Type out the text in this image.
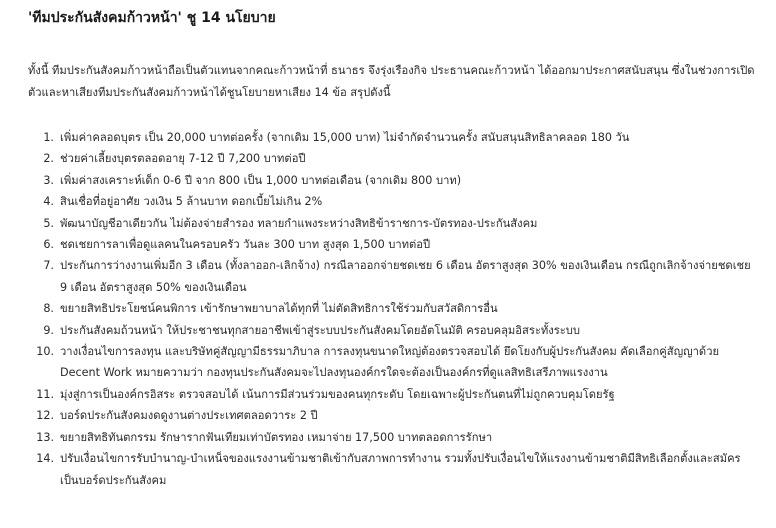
'ทีมประกันสังคมก้าวหน้า' ชู 14 นโยบาย

ทั้งนี้ ทีมประกันสังคมก้าวหน้าถือเป็นตัวแทนจากคณะก้าวหน้าที่ ธนาธร จึงรุ่งเรืองกิจ ประธานคณะก้าวหน้า ได้ออกมาประกาศสนับสนุน ซึ่งในช่วงการเปิดตัวและหาเสียงทีมประกันสังคมก้าวหน้าได้ชูนโยบายหาเสียง 14 ข้อ สรุปดังนี้

1. เพิ่มค่าคลอดบุตร เป็น 20,000 บาทต่อครั้ง (จากเดิม 15,000 บาท) ไม่จำกัดจำนวนครั้ง สนับสนุนสิทธิลาคลอด 180 วัน
2. ช่วยค่าเลี้ยงบุตรตลอดอายุ 7-12 ปี 7,200 บาทต่อปี
3. เพิ่มค่าสงเคราะห์เด็ก 0-6 ปี จาก 800 เป็น 1,000 บาทต่อเดือน (จากเดิม 800 บาท)
4. สินเชื่อที่อยู่อาศัย วงเงิน 5 ล้านบาท ดอกเบี้ยไม่เกิน 2%
5. พัฒนาบัญชีอาเดียวกัน ไม่ต้องจ่ายสำรอง ทลายกำแพงระหว่างสิทธิข้าราชการ-บัตรทอง-ประกันสังคม
6. ชดเชยการลาเพื่อดูแลคนในครอบครัว วันละ 300 บาท สูงสุด 1,500 บาทต่อปี
7. ประกันการว่างงานเพิ่มอีก 3 เดือน (ทั้งลาออก-เลิกจ้าง) กรณีลาออกจ่ายชดเชย 6 เดือน อัตราสูงสุด 30% ของเงินเดือน กรณีถูกเลิกจ้างจ่ายชดเชย 9 เดือน อัตราสูงสุด 50% ของเงินเดือน
8. ขยายสิทธิประโยชน์คนพิการ เข้ารักษาพยาบาลได้ทุกที่ ไม่ตัดสิทธิการใช้ร่วมกับสวัสดิการอื่น
9. ประกันสังคมถ้วนหน้า ให้ประชาชนทุกสายอาชีพเข้าสู่ระบบประกันสังคมโดยอัตโนมัติ ครอบคลุมอิสระทั้งระบบ
10. วางเงื่อนไขการลงทุน และบริษัทคู่สัญญามีธรรมาภิบาล การลงทุนขนาดใหญ่ต้องตรวจสอบได้ ยึดโยงกับผู้ประกันสังคม คัดเลือกคู่สัญญาด้วย Decent Work หมายความว่า กองทุนประกันสังคมจะไปลงทุนองค์กรใดจะต้องเป็นองค์กรที่ดูแลสิทธิเสรีภาพแรงงาน
11. มุ่งสู่การเป็นองค์กรอิสระ ตรวจสอบได้ เน้นการมีส่วนร่วมของคนทุกระดับ โดยเฉพาะผู้ประกันตนที่ไม่ถูกควบคุมโดยรัฐ
12. บอร์ดประกันสังคมงดดูงานต่างประเทศตลอดวาระ 2 ปี
13. ขยายสิทธิทันตกรรม รักษารากฟันเทียมเท่าบัตรทอง เหมาจ่าย 17,500 บาทตลอดการรักษา
14. ปรับเงื่อนไขการรับบำนาญ-บำเหน็จของแรงงานข้ามชาติเข้ากับสภาพการทำงาน รวมทั้งปรับเงื่อนไขให้แรงงานข้ามชาติมีสิทธิเลือกตั้งและสมัครเป็นบอร์ดประกันสังคม
